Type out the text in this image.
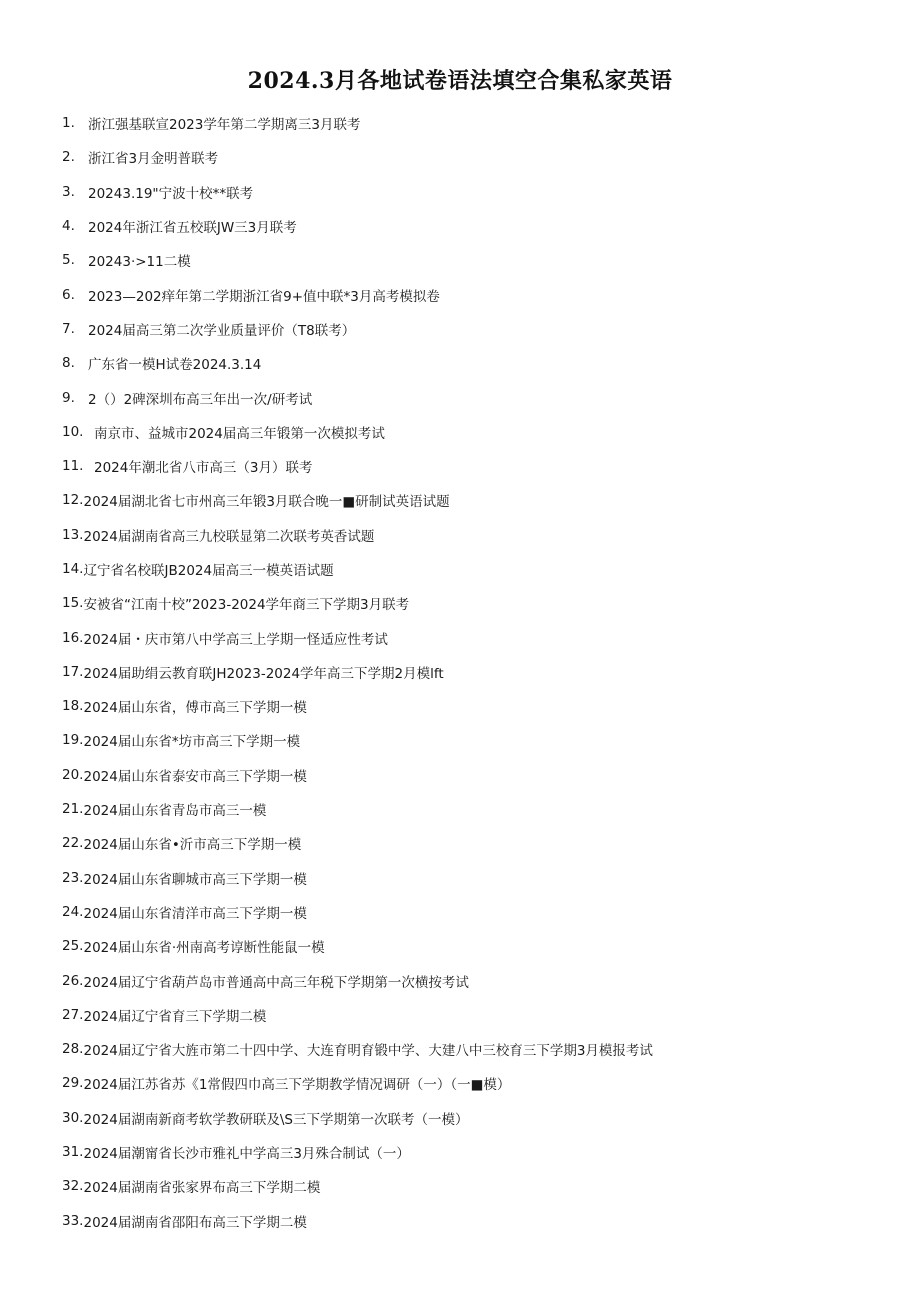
2024.3月各地试卷语法填空合集私家英语
1. 浙江强基联宣2023学年第二学期离三3月联考
2. 浙江省3月金明普联考
3. 20243.19"宁波十校**联考
4. 2024年浙江省五校联JW三3月联考
5. 20243·>11二模
6. 2023—202痒年第二学期浙江省9+值中联*3月高考模拟卷
7. 2024届高三第二次学业质量评价（T8联考）
8. 广东省一模H试卷2024.3.14
9. 2（）2碑深圳布高三年出一次/研考试
10. 南京市、益城市2024届高三年锻第一次模拟考试
11. 2024年潮北省八市高三（3月）联考
12. 2024届湖北省七市州高三年锻3月联合晚一■研制试英语试题
13. 2024届湖南省高三九校联显第二次联考英香试题
14. 辽宁省名校联JB2024届高三一模英语试题
15. 安被省“江南十校”2023-2024学年商三下学期3月联考
16. 2024届・庆市第八中学高三上学期一怪适应性考试
17. 2024届助绢云教育联JH2023-2024学年高三下学期2月模lft
18. 2024届山东省，傅市高三下学期一模
19. 2024届山东省*坊市高三下学期一模
20. 2024届山东省泰安市高三下学期一模
21. 2024届山东省青岛市高三一模
22. 2024届山东省•沂市高三下学期一模
23. 2024届山东省聊城市高三下学期一模
24. 2024届山东省清洋市高三下学期一模
25. 2024届山东省·州南高考谆断性能鼠一模
26. 2024届辽宁省葫芦岛市普通高中高三年税下学期第一次横按考试
27. 2024届辽宁省育三下学期二模
28. 2024届辽宁省大旌市第二十四中学、大连育明育锻中学、大建八中三校育三下学期3月模报考试
29. 2024届江苏省苏《1常假四巾高三下学期教学情况调研（一）（一■模）
30. 2024届湖南新商考软学教研联及\S三下学期第一次联考（一模）
31. 2024届潮甯省长沙市雅礼中学高三3月殊合制试（一）
32. 2024届湖南省张家界布高三下学期二模
33. 2024届湖南省邵阳布高三下学期二模
